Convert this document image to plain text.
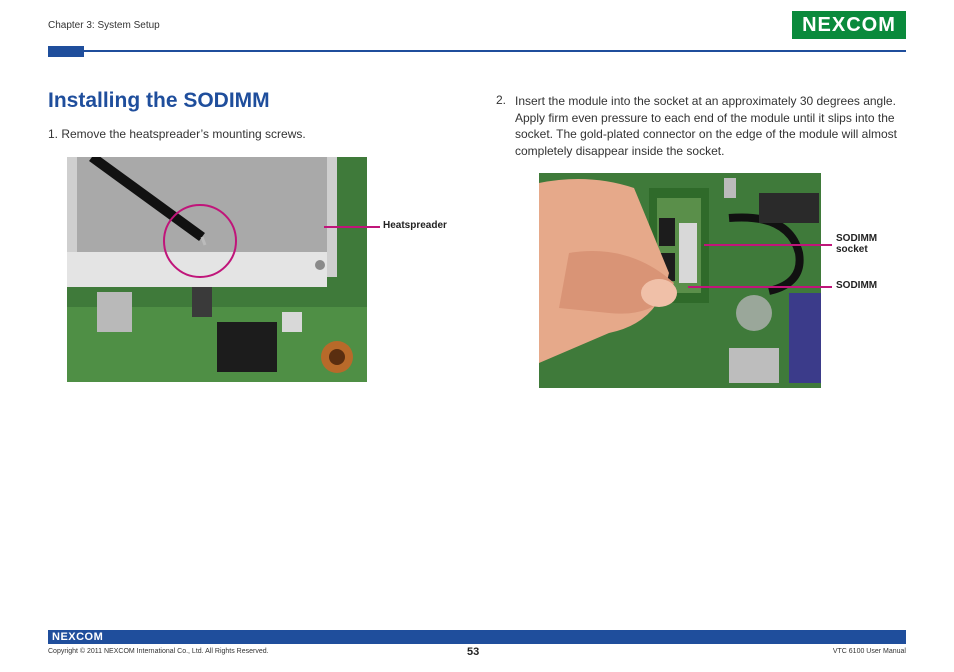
Chapter 3: System Setup	NEXCOM
Installing the SODIMM
1. Remove the heatspreader’s mounting screws.
Heatspreader
2. Insert the module into the socket at an approximately 30 degrees angle. Apply firm even pressure to each end of the module until it slips into the socket. The gold-plated connector on the edge of the module will almost completely disappear inside the socket.
SODIMM socket
SODIMM
NEXCOM
Copyright © 2011 NEXCOM International Co., Ltd. All Rights Reserved.	53	VTC 6100 User Manual
